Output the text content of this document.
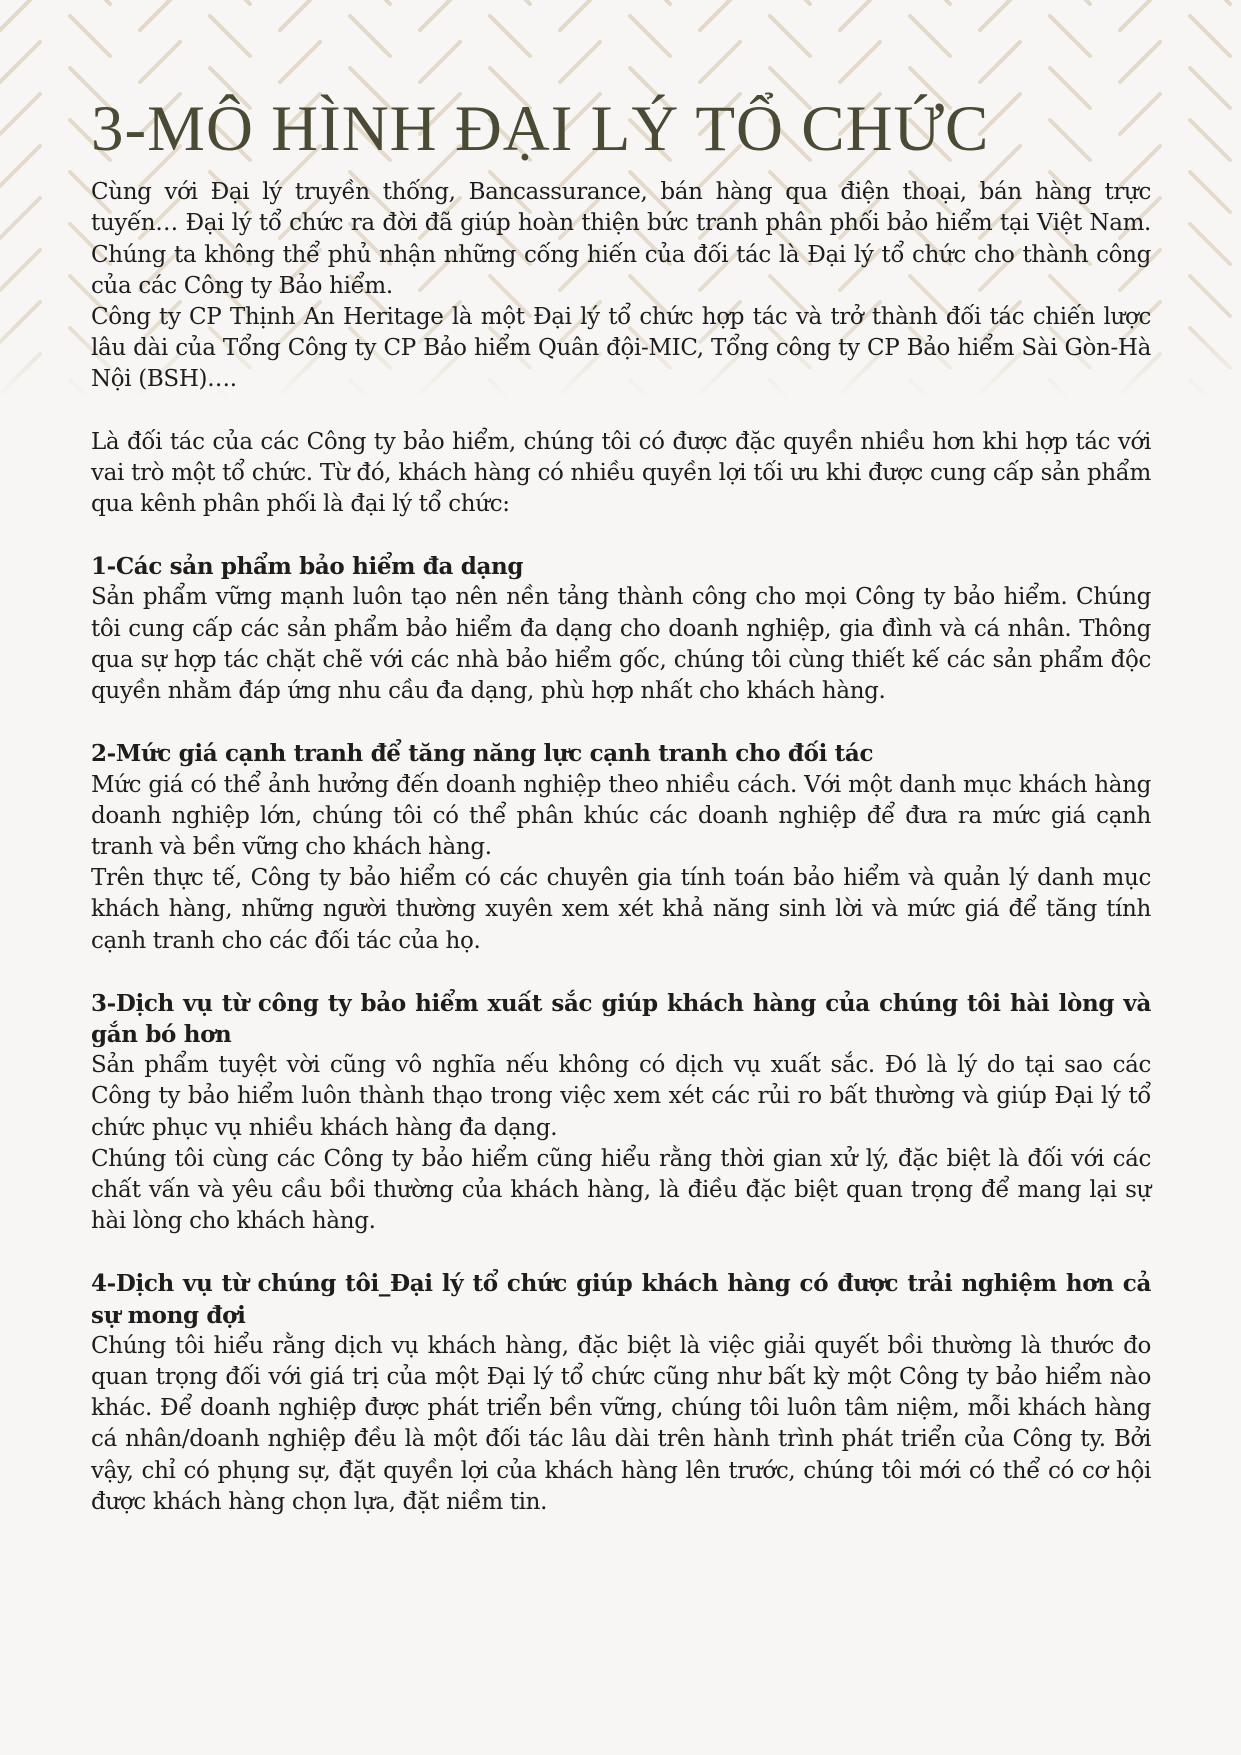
3-MÔ HÌNH ĐẠI LÝ TỔ CHỨC

Cùng với Đại lý truyền thống, Bancassurance, bán hàng qua điện thoại, bán hàng trực tuyến… Đại lý tổ chức ra đời đã giúp hoàn thiện bức tranh phân phối bảo hiểm tại Việt Nam. Chúng ta không thể phủ nhận những cống hiến của đối tác là Đại lý tổ chức cho thành công của các Công ty Bảo hiểm.

Công ty CP Thịnh An Heritage là một Đại lý tổ chức hợp tác và trở thành đối tác chiến lược lâu dài của Tổng Công ty CP Bảo hiểm Quân đội-MIC, Tổng công ty CP Bảo hiểm Sài Gòn-Hà Nội (BSH)….

Là đối tác của các Công ty bảo hiểm, chúng tôi có được đặc quyền nhiều hơn khi hợp tác với vai trò một tổ chức. Từ đó, khách hàng có nhiều quyền lợi tối ưu khi được cung cấp sản phẩm qua kênh phân phối là đại lý tổ chức:

1-Các sản phẩm bảo hiểm đa dạng

Sản phẩm vững mạnh luôn tạo nên nền tảng thành công cho mọi Công ty bảo hiểm. Chúng tôi cung cấp các sản phẩm bảo hiểm đa dạng cho doanh nghiệp, gia đình và cá nhân. Thông qua sự hợp tác chặt chẽ với các nhà bảo hiểm gốc, chúng tôi cùng thiết kế các sản phẩm độc quyền nhằm đáp ứng nhu cầu đa dạng, phù hợp nhất cho khách hàng.

2-Mức giá cạnh tranh để tăng năng lực cạnh tranh cho đối tác

Mức giá có thể ảnh hưởng đến doanh nghiệp theo nhiều cách. Với một danh mục khách hàng doanh nghiệp lớn, chúng tôi có thể phân khúc các doanh nghiệp để đưa ra mức giá cạnh tranh và bền vững cho khách hàng.

Trên thực tế, Công ty bảo hiểm có các chuyên gia tính toán bảo hiểm và quản lý danh mục khách hàng, những người thường xuyên xem xét khả năng sinh lời và mức giá để tăng tính cạnh tranh cho các đối tác của họ.

3-Dịch vụ từ công ty bảo hiểm xuất sắc giúp khách hàng của chúng tôi hài lòng và gắn bó hơn

Sản phẩm tuyệt vời cũng vô nghĩa nếu không có dịch vụ xuất sắc. Đó là lý do tại sao các Công ty bảo hiểm luôn thành thạo trong việc xem xét các rủi ro bất thường và giúp Đại lý tổ chức phục vụ nhiều khách hàng đa dạng.

Chúng tôi cùng các Công ty bảo hiểm cũng hiểu rằng thời gian xử lý, đặc biệt là đối với các chất vấn và yêu cầu bồi thường của khách hàng, là điều đặc biệt quan trọng để mang lại sự hài lòng cho khách hàng.

4-Dịch vụ từ chúng tôi_Đại lý tổ chức giúp khách hàng có được trải nghiệm hơn cả sự mong đợi

Chúng tôi hiểu rằng dịch vụ khách hàng, đặc biệt là việc giải quyết bồi thường là thước đo quan trọng đối với giá trị của một Đại lý tổ chức cũng như bất kỳ một Công ty bảo hiểm nào khác. Để doanh nghiệp được phát triển bền vững, chúng tôi luôn tâm niệm, mỗi khách hàng cá nhân/doanh nghiệp đều là một đối tác lâu dài trên hành trình phát triển của Công ty. Bởi vậy, chỉ có phụng sự, đặt quyền lợi của khách hàng lên trước, chúng tôi mới có thể có cơ hội được khách hàng chọn lựa, đặt niềm tin.
